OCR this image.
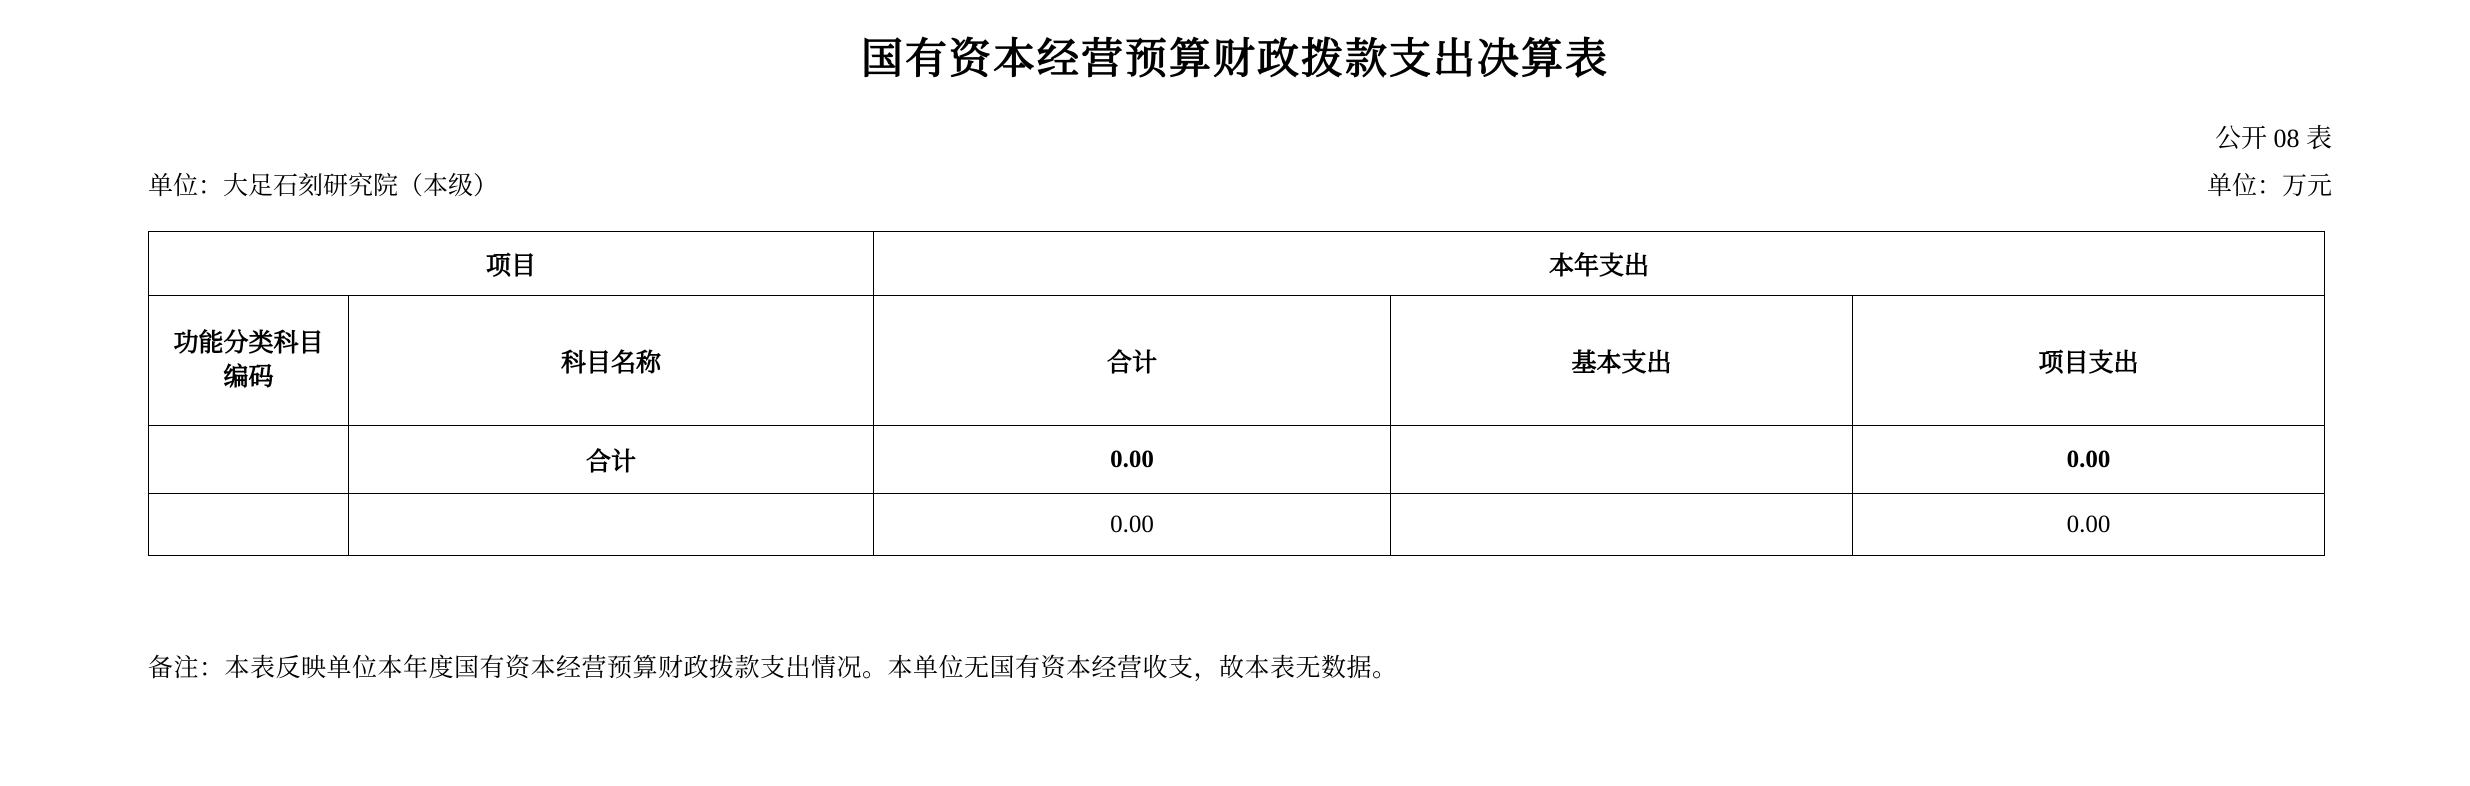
国有资本经营预算财政拨款支出决算表
公开 08 表
单位：大足石刻研究院（本级）	单位：万元
项目		本年支出		

功能分类科目
编码	科目名称	合计	基本支出	项目支出
	合计	0.00		0.00
		0.00		0.00
备注：本表反映单位本年度国有资本经营预算财政拨款支出情况。本单位无国有资本经营收支，故本表无数据。
